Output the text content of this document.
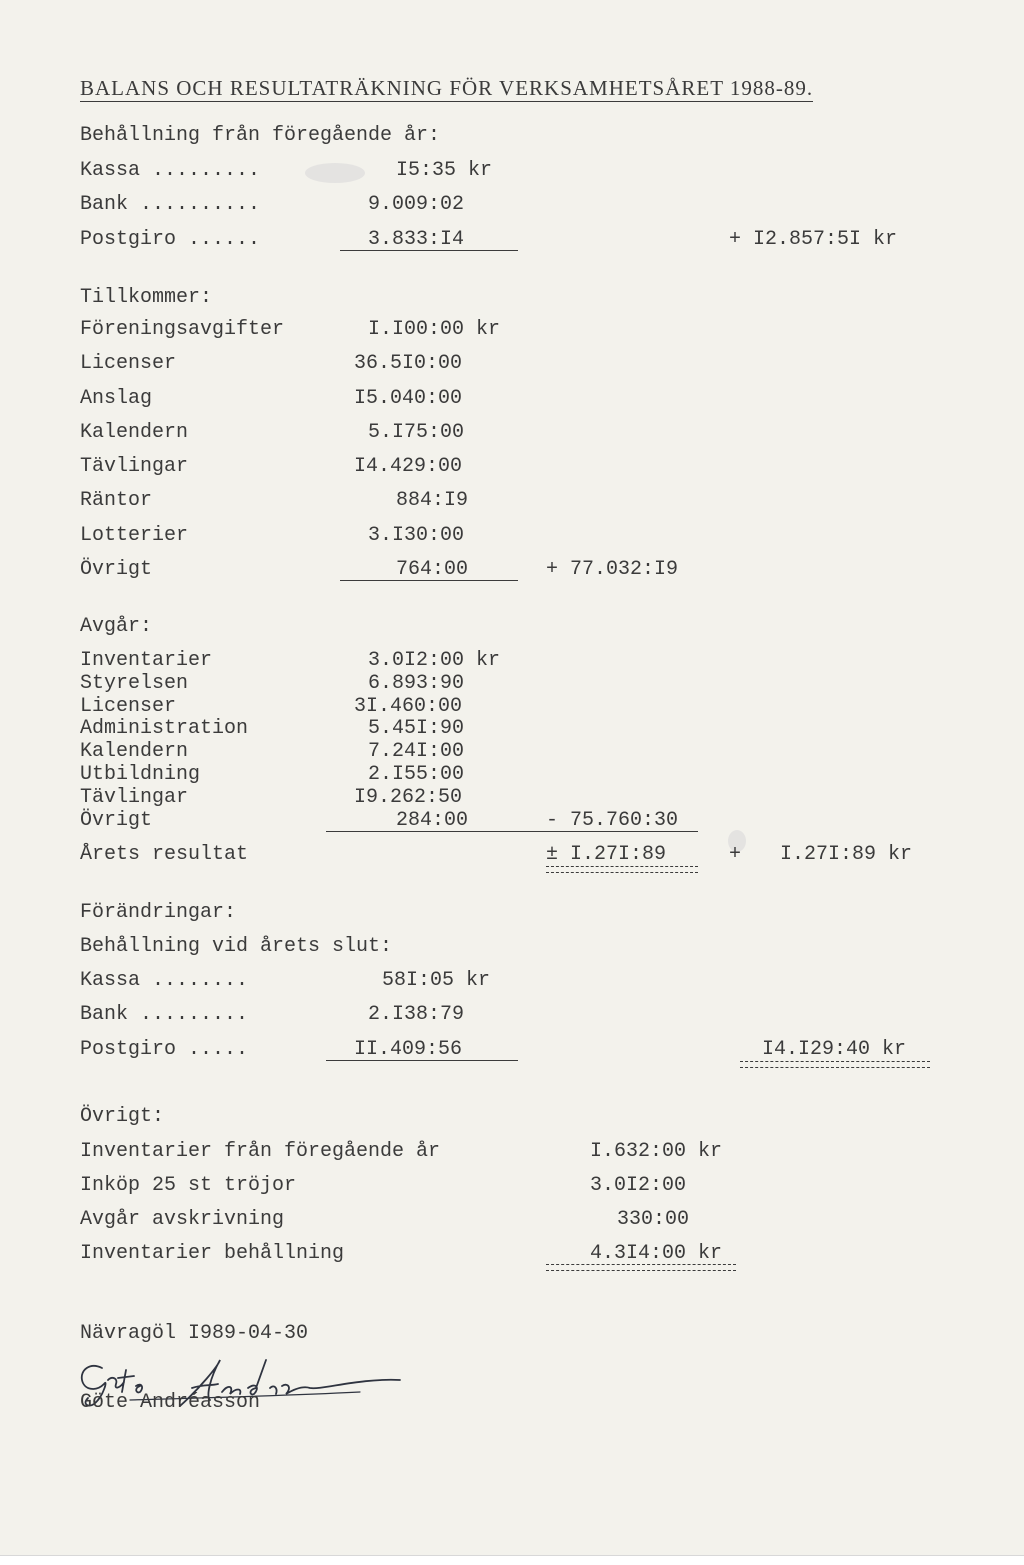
BALANS OCH RESULTATRÄKNING FÖR VERKSAMHETSÅRET 1988-89.
Behållning från föregående år:
Kassa .........	I5:35 kr
Bank ..........	9.009:02
Postgiro ......	3.833:I4	+ I2.857:5I kr
Tillkommer:
Föreningsavgifter	I.I00:00 kr
Licenser	36.5I0:00
Anslag	I5.040:00
Kalendern	5.I75:00
Tävlingar	I4.429:00
Räntor	884:I9
Lotterier	3.I30:00
Övrigt	764:00	+ 77.032:I9
Avgår:
Inventarier	3.0I2:00 kr
Styrelsen	6.893:90
Licenser	3I.460:00
Administration	5.45I:90
Kalendern	7.24I:00
Utbildning	2.I55:00
Tävlingar	I9.262:50
Övrigt	284:00	- 75.760:30
Årets resultat	± I.27I:89	+ I.27I:89 kr
Förändringar:
Behållning vid årets slut:
Kassa ........	58I:05 kr
Bank .........	2.I38:79
Postgiro .....	II.409:56	I4.I29:40 kr
Övrigt:
Inventarier från föregående år	I.632:00 kr
Inköp 25 st tröjor	3.0I2:00
Avgår avskrivning	330:00
Inventarier behållning	4.3I4:00 kr
Nävragöl I989-04-30
Göte Andréasson
